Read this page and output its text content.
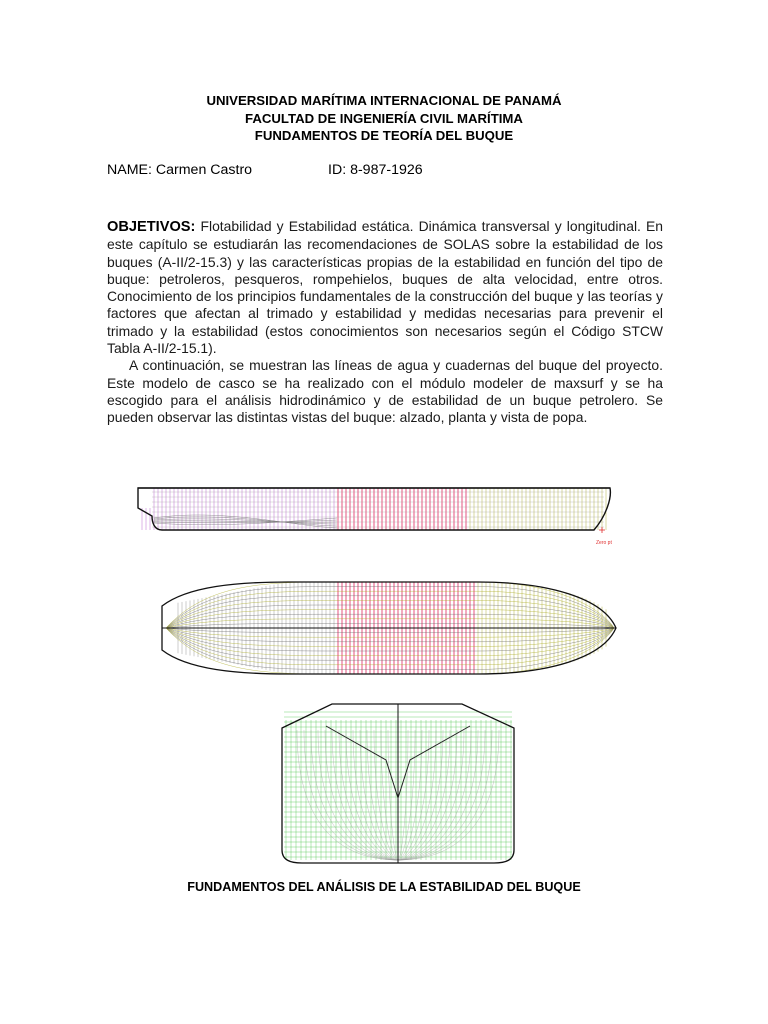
UNIVERSIDAD MARÍTIMA INTERNACIONAL DE PANAMÁ
FACULTAD DE INGENIERÍA CIVIL MARÍTIMA
FUNDAMENTOS DE TEORÍA DEL BUQUE
NAME: Carmen Castro	ID: 8-987-1926

OBJETIVOS: Flotabilidad y Estabilidad estática. Dinámica transversal y longitudinal. En este capítulo se estudiarán las recomendaciones de SOLAS sobre la estabilidad de los buques (A-II/2-15.3) y las características propias de la estabilidad en función del tipo de buque: petroleros, pesqueros, rompehielos, buques de alta velocidad, entre otros. Conocimiento de los principios fundamentales de la construcción del buque y las teorías y factores que afectan al trimado y estabilidad y medidas necesarias para prevenir el trimado y la estabilidad (estos conocimientos son necesarios según el Código STCW Tabla A-II/2-15.1).

A continuación, se muestran las líneas de agua y cuadernas del buque del proyecto. Este modelo de casco se ha realizado con el módulo modeler de maxsurf y se ha escogido para el análisis hidrodinámico y de estabilidad de un buque petrolero. Se pueden observar las distintas vistas del buque: alzado, planta y vista de popa.

Zero pt
FUNDAMENTOS DEL ANÁLISIS DE LA ESTABILIDAD DEL BUQUE
